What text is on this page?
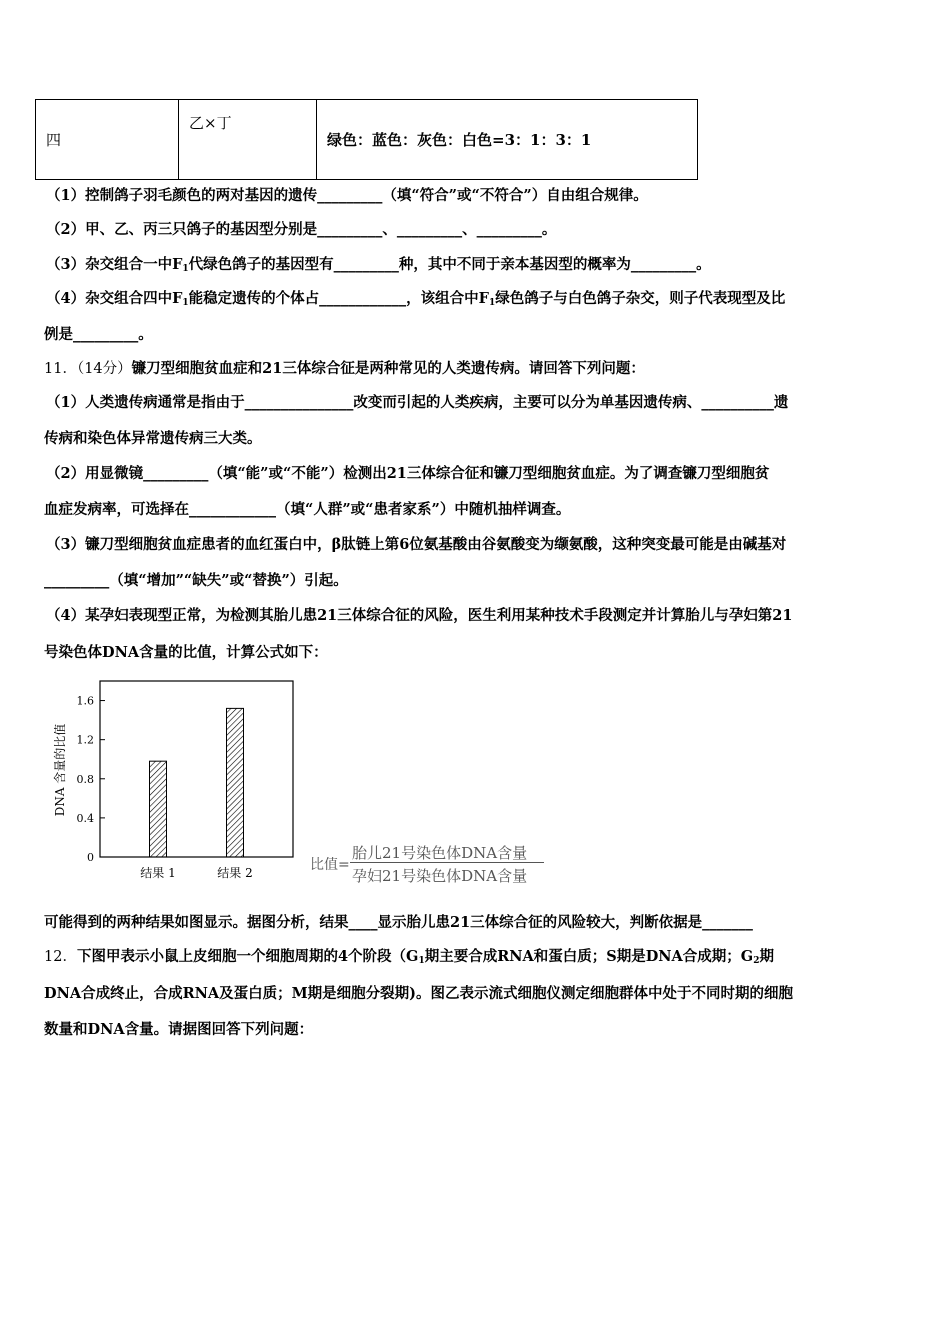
四	乙×丁	绿色：蓝色：灰色：白色=3：1：3：1
（1）控制鸽子羽毛颜色的两对基因的遗传_________（填“符合”或“不符合”）自由组合规律。
（2）甲、乙、丙三只鸽子的基因型分别是_________、_________、_________。
（3）杂交组合一中$F_1$代绿色鸽子的基因型有_________种，其中不同于亲本基因型的概率为_________。
（4）杂交组合四中$F_1$能稳定遗传的个体占____________，该组合中$F_1$绿色鸽子与白色鸽子杂交，则子代表现型及比
例是_________。
11．（14分）镰刀型细胞贫血症和21三体综合征是两种常见的人类遗传病。请回答下列问题：
（1）人类遗传病通常是指由于_______________改变而引起的人类疾病，主要可以分为单基因遗传病、__________遗
传病和染色体异常遗传病三大类。
（2）用显微镜_________（填“能”或“不能”）检测出21三体综合征和镰刀型细胞贫血症。为了调查镰刀型细胞贫
血症发病率，可选择在____________（填“人群”或“患者家系”）中随机抽样调查。
（3）镰刀型细胞贫血症患者的血红蛋白中，β肽链上第6位氨基酸由谷氨酸变为缬氨酸，这种突变最可能是由碱基对
_________（填“增加”“缺失”或“替换”）引起。
（4）某孕妇表现型正常，为检测其胎儿患21三体综合征的风险，医生利用某种技术手段测定并计算胎儿与孕妇第21
号染色体DNA含量的比值，计算公式如下：
0
0.4
0.8
1.2
1.6
结果 1	结果 2
DNA 含量的比值
比值=
胎儿21号染色体DNA含量
孕妇21号染色体DNA含量
可能得到的两种结果如图显示。据图分析，结果____显示胎儿患21三体综合征的风险较大，判断依据是_______
12．下图甲表示小鼠上皮细胞一个细胞周期的4个阶段（$G_1$期主要合成RNA和蛋白质；S期是DNA合成期；$G_2$期
DNA合成终止，合成RNA及蛋白质；M期是细胞分裂期)。图乙表示流式细胞仪测定细胞群体中处于不同时期的细胞
数量和DNA含量。请据图回答下列问题：
